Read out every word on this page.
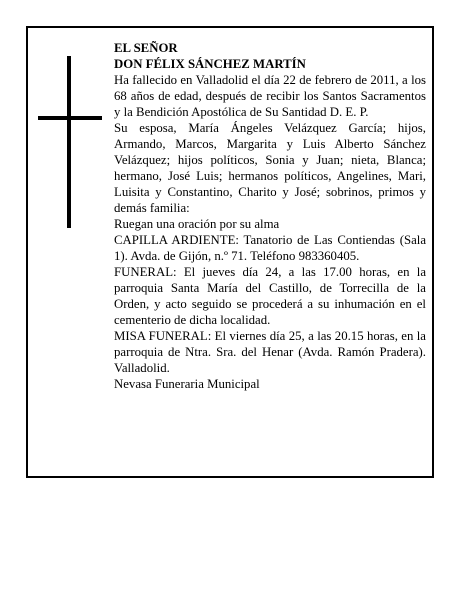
EL SEÑOR

DON FÉLIX SÁNCHEZ MARTÍN

Ha fallecido en Valladolid el día 22 de febrero de 2011, a los 68 años de edad, después de recibir los Santos Sacramentos y la Bendición Apostólica de Su Santidad D. E. P.

Su esposa, María Ángeles Velázquez García; hijos, Armando, Marcos, Margarita y Luis Alberto Sánchez Velázquez; hijos políticos, Sonia y Juan; nieta, Blanca; hermano, José Luis; hermanos políticos, Angelines, Mari, Luisita y Constantino, Charito y José; sobrinos, primos y demás familia:

Ruegan una oración por su alma

CAPILLA ARDIENTE: Tanatorio de Las Contiendas (Sala 1). Avda. de Gijón, n.º 71. Teléfono 983360405.

FUNERAL: El jueves día 24, a las 17.00 horas, en la parroquia Santa María del Castillo, de Torrecilla de la Orden, y acto seguido se procederá a su inhumación en el cementerio de dicha localidad.

MISA FUNERAL: El viernes día 25, a las 20.15 horas, en la parroquia de Ntra. Sra. del Henar (Avda. Ramón Pradera). Valladolid.

Nevasa Funeraria Municipal
